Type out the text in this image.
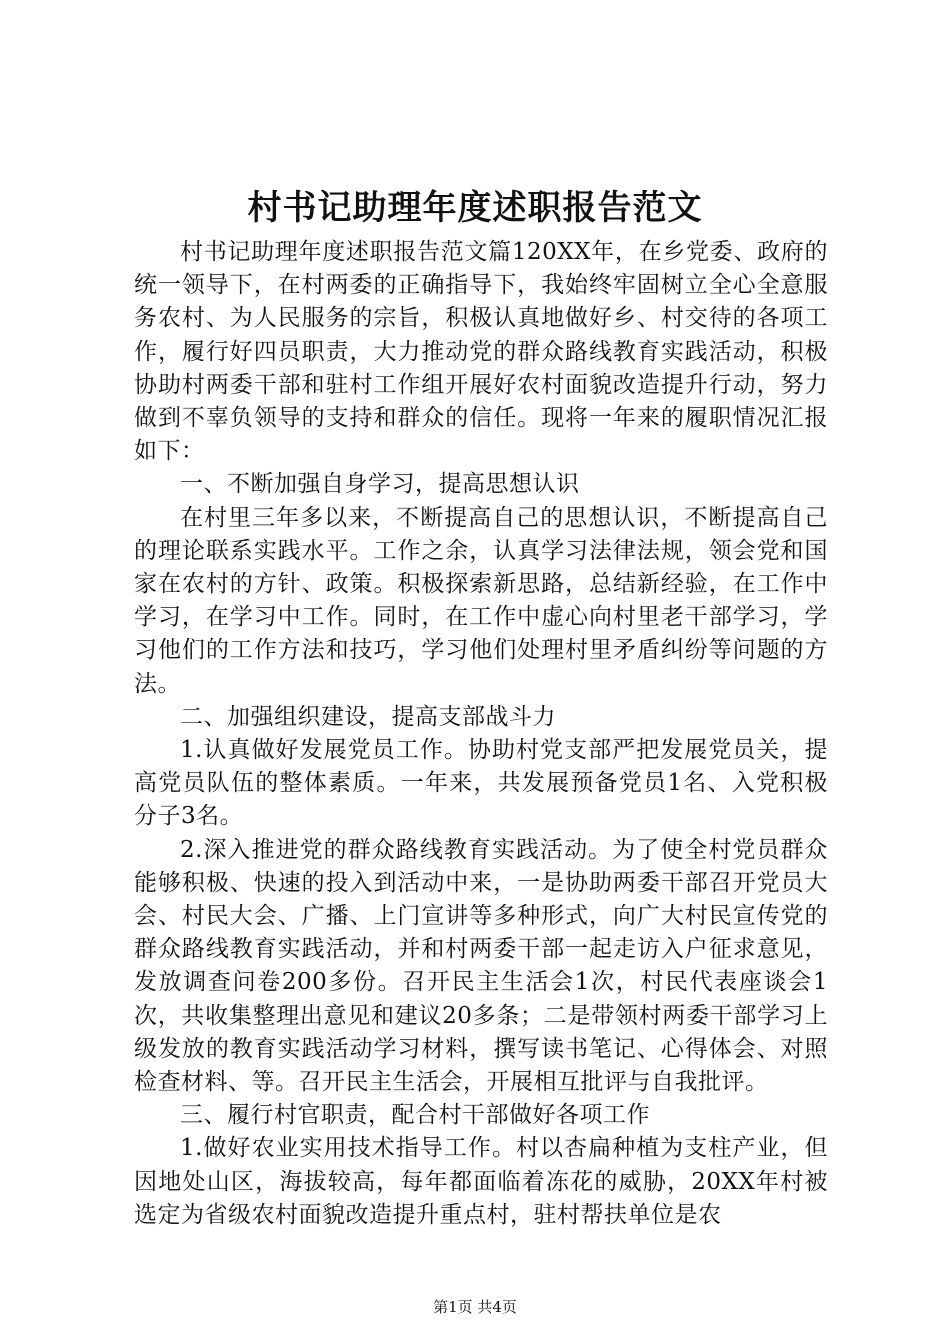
村书记助理年度述职报告范文

村书记助理年度述职报告范文篇120XX年，在乡党委、政府的统一领导下，在村两委的正确指导下，我始终牢固树立全心全意服务农村、为人民服务的宗旨，积极认真地做好乡、村交待的各项工作，履行好四员职责，大力推动党的群众路线教育实践活动，积极协助村两委干部和驻村工作组开展好农村面貌改造提升行动，努力做到不辜负领导的支持和群众的信任。现将一年来的履职情况汇报如下：

一、不断加强自身学习，提高思想认识

在村里三年多以来，不断提高自己的思想认识，不断提高自己的理论联系实践水平。工作之余，认真学习法律法规，领会党和国家在农村的方针、政策。积极探索新思路，总结新经验，在工作中学习，在学习中工作。同时，在工作中虚心向村里老干部学习，学习他们的工作方法和技巧，学习他们处理村里矛盾纠纷等问题的方法。

二、加强组织建设，提高支部战斗力

1.认真做好发展党员工作。协助村党支部严把发展党员关，提高党员队伍的整体素质。一年来，共发展预备党员1名、入党积极分子3名。

2.深入推进党的群众路线教育实践活动。为了使全村党员群众能够积极、快速的投入到活动中来，一是协助两委干部召开党员大会、村民大会、广播、上门宣讲等多种形式，向广大村民宣传党的群众路线教育实践活动，并和村两委干部一起走访入户征求意见，发放调查问卷200多份。召开民主生活会1次，村民代表座谈会1次，共收集整理出意见和建议20多条；二是带领村两委干部学习上级发放的教育实践活动学习材料，撰写读书笔记、心得体会、对照检查材料、等。召开民主生活会，开展相互批评与自我批评。

三、履行村官职责，配合村干部做好各项工作

1.做好农业实用技术指导工作。村以杏扁种植为支柱产业，但因地处山区，海拔较高，每年都面临着冻花的威胁，20XX年村被选定为省级农村面貌改造提升重点村，驻村帮扶单位是农

第1页 共4页
